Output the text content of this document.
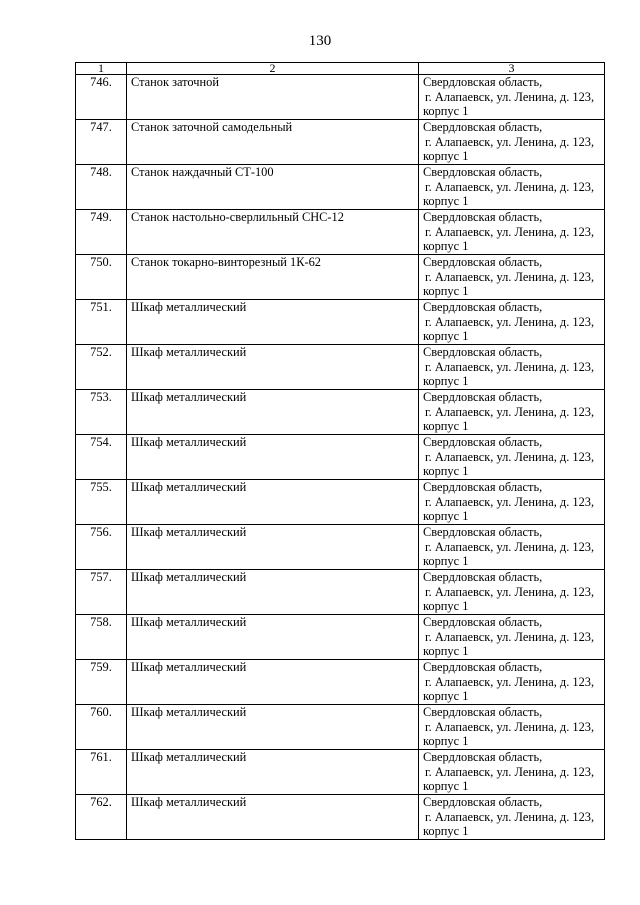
130
1	2	3
746.	Станок заточной	Свердловская область,
г. Алапаевск, ул. Ленина, д. 123,
корпус 1

747.	Станок заточной самодельный	Свердловская область,
г. Алапаевск, ул. Ленина, д. 123,
корпус 1

748.	Станок наждачный СТ-100	Свердловская область,
г. Алапаевск, ул. Ленина, д. 123,
корпус 1

749.	Станок настольно-сверлильный СНС-12	Свердловская область,
г. Алапаевск, ул. Ленина, д. 123,
корпус 1

750.	Станок токарно-винторезный 1К-62	Свердловская область,
г. Алапаевск, ул. Ленина, д. 123,
корпус 1

751.	Шкаф металлический	Свердловская область,
г. Алапаевск, ул. Ленина, д. 123,
корпус 1

752.	Шкаф металлический	Свердловская область,
г. Алапаевск, ул. Ленина, д. 123,
корпус 1

753.	Шкаф металлический	Свердловская область,
г. Алапаевск, ул. Ленина, д. 123,
корпус 1

754.	Шкаф металлический	Свердловская область,
г. Алапаевск, ул. Ленина, д. 123,
корпус 1

755.	Шкаф металлический	Свердловская область,
г. Алапаевск, ул. Ленина, д. 123,
корпус 1

756.	Шкаф металлический	Свердловская область,
г. Алапаевск, ул. Ленина, д. 123,
корпус 1

757.	Шкаф металлический	Свердловская область,
г. Алапаевск, ул. Ленина, д. 123,
корпус 1

758.	Шкаф металлический	Свердловская область,
г. Алапаевск, ул. Ленина, д. 123,
корпус 1

759.	Шкаф металлический	Свердловская область,
г. Алапаевск, ул. Ленина, д. 123,
корпус 1

760.	Шкаф металлический	Свердловская область,
г. Алапаевск, ул. Ленина, д. 123,
корпус 1

761.	Шкаф металлический	Свердловская область,
г. Алапаевск, ул. Ленина, д. 123,
корпус 1

762.	Шкаф металлический	Свердловская область,
г. Алапаевск, ул. Ленина, д. 123,
корпус 1
